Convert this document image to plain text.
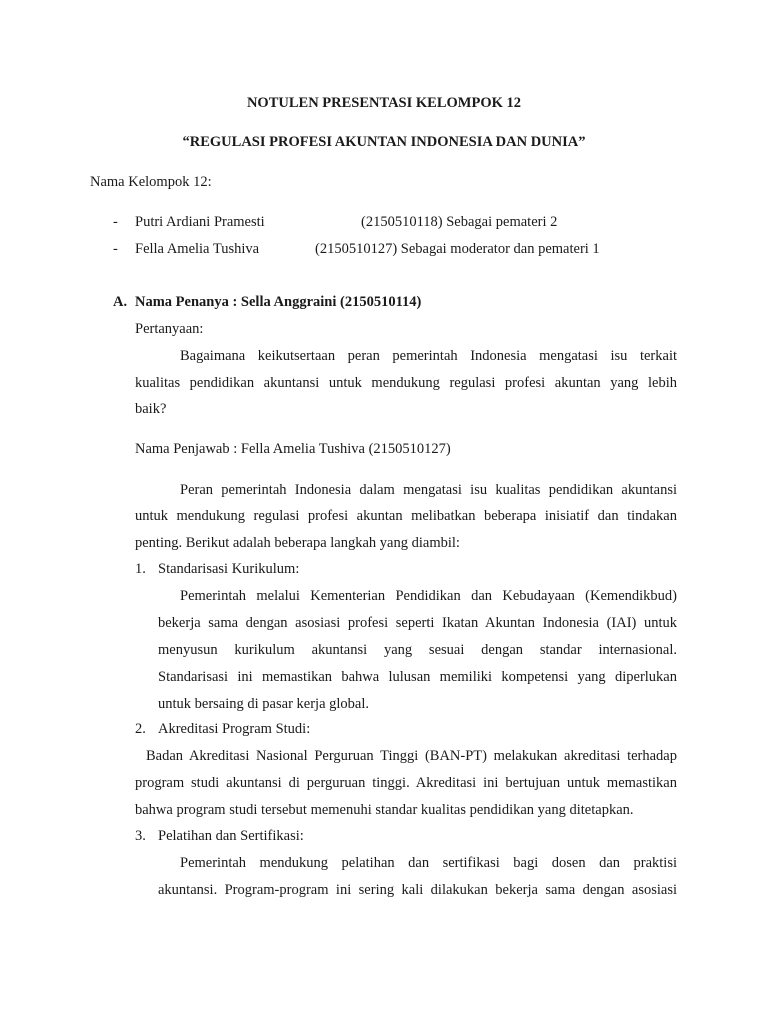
NOTULEN PRESENTASI KELOMPOK 12
“REGULASI PROFESI AKUNTAN INDONESIA DAN DUNIA”
Nama Kelompok 12:
- Putri Ardiani Pramesti	(2150510118) Sebagai pemateri 2
- Fella Amelia Tushiva	(2150510127) Sebagai moderator dan pemateri 1
A. Nama Penanya : Sella Anggraini (2150510114)
Pertanyaan:
Bagaimana keikutsertaan peran pemerintah Indonesia mengatasi isu terkait
kualitas pendidikan akuntansi untuk mendukung regulasi profesi akuntan yang lebih
baik?
Nama Penjawab : Fella Amelia Tushiva (2150510127)
Peran pemerintah Indonesia dalam mengatasi isu kualitas pendidikan akuntansi
untuk mendukung regulasi profesi akuntan melibatkan beberapa inisiatif dan tindakan
penting. Berikut adalah beberapa langkah yang diambil:
1. Standarisasi Kurikulum:
Pemerintah melalui Kementerian Pendidikan dan Kebudayaan (Kemendikbud)
bekerja sama dengan asosiasi profesi seperti Ikatan Akuntan Indonesia (IAI) untuk
menyusun kurikulum akuntansi yang sesuai dengan standar internasional.
Standarisasi ini memastikan bahwa lulusan memiliki kompetensi yang diperlukan
untuk bersaing di pasar kerja global.
2. Akreditasi Program Studi:
Badan Akreditasi Nasional Perguruan Tinggi (BAN-PT) melakukan akreditasi terhadap
program studi akuntansi di perguruan tinggi. Akreditasi ini bertujuan untuk memastikan
bahwa program studi tersebut memenuhi standar kualitas pendidikan yang ditetapkan.
3. Pelatihan dan Sertifikasi:
Pemerintah mendukung pelatihan dan sertifikasi bagi dosen dan praktisi
akuntansi. Program-program ini sering kali dilakukan bekerja sama dengan asosiasi
